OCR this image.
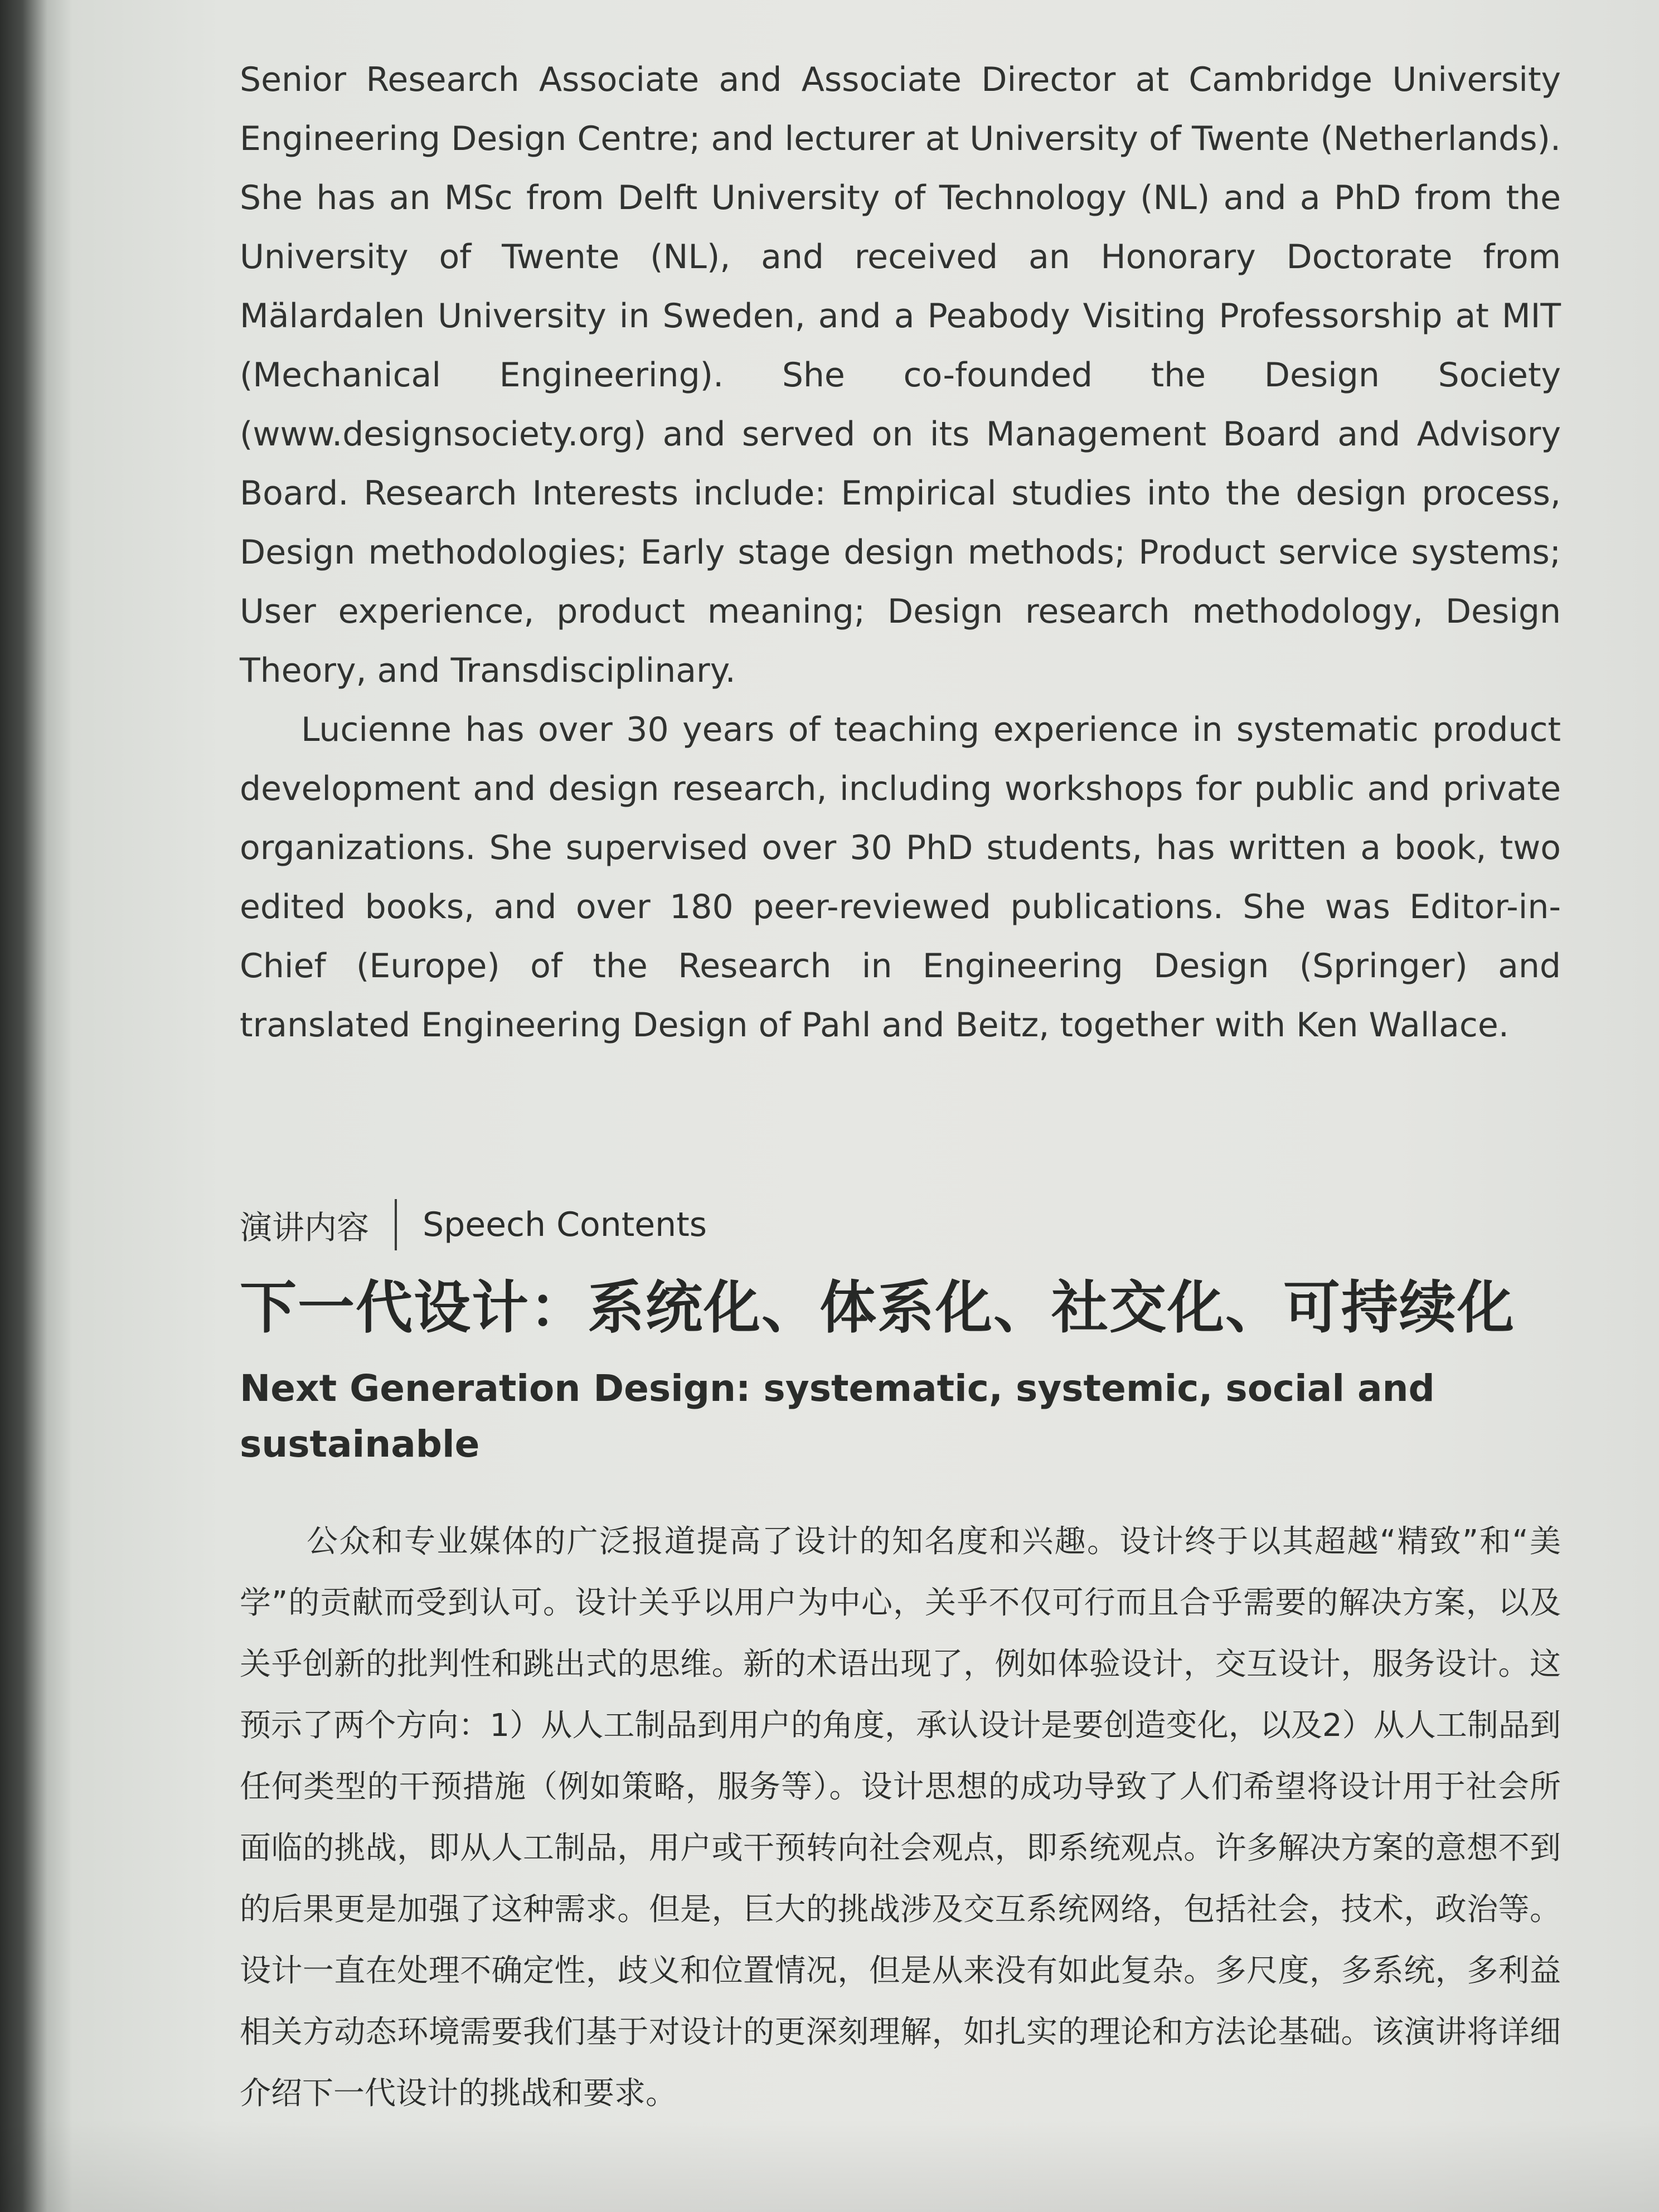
Senior Research Associate and Associate Director at Cambridge University Engineering Design Centre; and lecturer at University of Twente (Netherlands). She has an MSc from Delft University of Technology (NL) and a PhD from the University of Twente (NL), and received an Honorary Doctorate from Mälardalen University in Sweden, and a Peabody Visiting Professorship at MIT (Mechanical Engineering). She co-founded the Design Society (www.designsociety.org) and served on its Management Board and Advisory Board. Research Interests include: Empirical studies into the design process, Design methodologies; Early stage design methods; Product service systems; User experience, product meaning; Design research methodology, Design Theory, and Transdisciplinary.

Lucienne has over 30 years of teaching experience in systematic product development and design research, including workshops for public and private organizations. She supervised over 30 PhD students, has written a book, two edited books, and over 180 peer-reviewed publications. She was Editor-in-Chief (Europe) of the Research in Engineering Design (Springer) and translated Engineering Design of Pahl and Beitz, together with Ken Wallace.

演讲内容 Speech Contents
下一代设计：系统化、体系化、社交化、可持续化
Next Generation Design: systematic, systemic, social and sustainable

公众和专业媒体的广泛报道提高了设计的知名度和兴趣。设计终于以其超越“精致”和“美学”的贡献而受到认可。设计关乎以用户为中心，关乎不仅可行而且合乎需要的解决方案，以及关乎创新的批判性和跳出式的思维。新的术语出现了，例如体验设计，交互设计，服务设计。这预示了两个方向：1）从人工制品到用户的角度，承认设计是要创造变化，以及2）从人工制品到任何类型的干预措施（例如策略，服务等）。设计思想的成功导致了人们希望将设计用于社会所面临的挑战，即从人工制品，用户或干预转向社会观点，即系统观点。许多解决方案的意想不到的后果更是加强了这种需求。但是，巨大的挑战涉及交互系统网络，包括社会，技术，政治等。设计一直在处理不确定性，歧义和位置情况，但是从来没有如此复杂。多尺度，多系统，多利益相关方动态环境需要我们基于对设计的更深刻理解，如扎实的理论和方法论基础。该演讲将详细介绍下一代设计的挑战和要求。
